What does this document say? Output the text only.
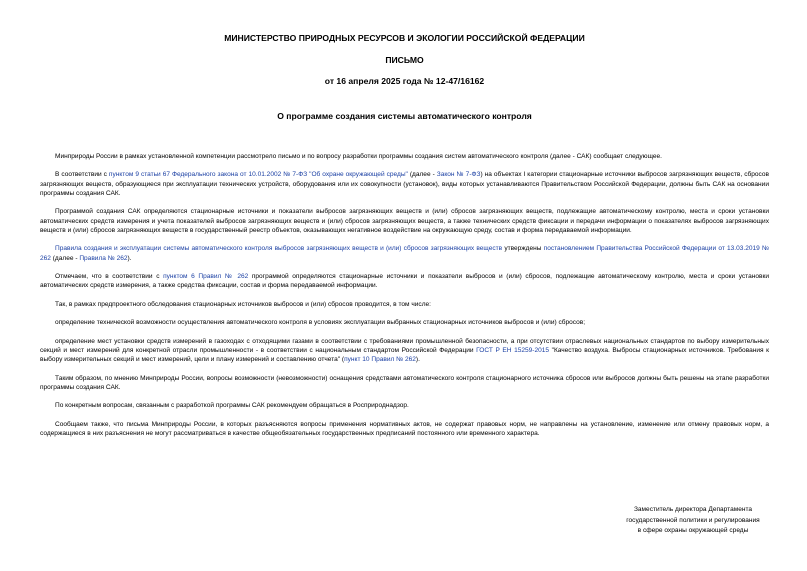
МИНИСТЕРСТВО ПРИРОДНЫХ РЕСУРСОВ И ЭКОЛОГИИ РОССИЙСКОЙ ФЕДЕРАЦИИ
ПИСЬМО
от 16 апреля 2025 года № 12-47/16162
О программе создания системы автоматического контроля

Минприроды России в рамках установленной компетенции рассмотрело письмо и по вопросу разработки программы создания систем автоматического контроля (далее - САК) сообщает следующее.

В соответствии с пунктом 9 статьи 67 Федерального закона от 10.01.2002 № 7-ФЗ "Об охране окружающей среды" (далее - Закон № 7-ФЗ) на объектах I категории стационарные источники выбросов загрязняющих веществ, сбросов загрязняющих веществ, образующиеся при эксплуатации технических устройств, оборудования или их совокупности (установок), виды которых устанавливаются Правительством Российской Федерации, должны быть САК на основании программы создания САК.

Программой создания САК определяются стационарные источники и показатели выбросов загрязняющих веществ и (или) сбросов загрязняющих веществ, подлежащие автоматическому контролю, места и сроки установки автоматических средств измерения и учета показателей выбросов загрязняющих веществ и (или) сбросов загрязняющих веществ, а также технических средств фиксации и передачи информации о показателях выбросов загрязняющих веществ и (или) сбросов загрязняющих веществ в государственный реестр объектов, оказывающих негативное воздействие на окружающую среду, состав и форма передаваемой информации.

Правила создания и эксплуатации системы автоматического контроля выбросов загрязняющих веществ и (или) сбросов загрязняющих веществ утверждены постановлением Правительства Российской Федерации от 13.03.2019 № 262 (далее - Правила № 262).

Отмечаем, что в соответствии с пунктом 6 Правил № 262 программой определяются стационарные источники и показатели выбросов и (или) сбросов, подлежащие автоматическому контролю, места и сроки установки автоматических средств измерения, а также средства фиксации, состав и форма передаваемой информации.

Так, в рамках предпроектного обследования стационарных источников выбросов и (или) сбросов проводится, в том числе:

определение технической возможности осуществления автоматического контроля в условиях эксплуатации выбранных стационарных источников выбросов и (или) сбросов;

определение мест установки средств измерений в газоходах с отходящими газами в соответствии с требованиями промышленной безопасности, а при отсутствии отраслевых национальных стандартов по выбору измерительных секций и мест измерений для конкретной отрасли промышленности - в соответствии с национальным стандартом Российской Федерации ГОСТ Р ЕН 15259-2015 "Качество воздуха. Выбросы стационарных источников. Требования к выбору измерительных секций и мест измерений, цели и плану измерений и составлению отчета" (пункт 10 Правил № 262).

Таким образом, по мнению Минприроды России, вопросы возможности (невозможности) оснащения средствами автоматического контроля стационарного источника сбросов или выбросов должны быть решены на этапе разработки программы создания САК.

По конкретным вопросам, связанным с разработкой программы САК рекомендуем обращаться в Росприроднадзор.

Сообщаем также, что письма Минприроды России, в которых разъясняются вопросы применения нормативных актов, не содержат правовых норм, не направлены на установление, изменение или отмену правовых норм, а содержащиеся в них разъяснения не могут рассматриваться в качестве общеобязательных государственных предписаний постоянного или временного характера.

Заместитель директора Департамента
государственной политики и регулирования
в сфере охраны окружающей среды
